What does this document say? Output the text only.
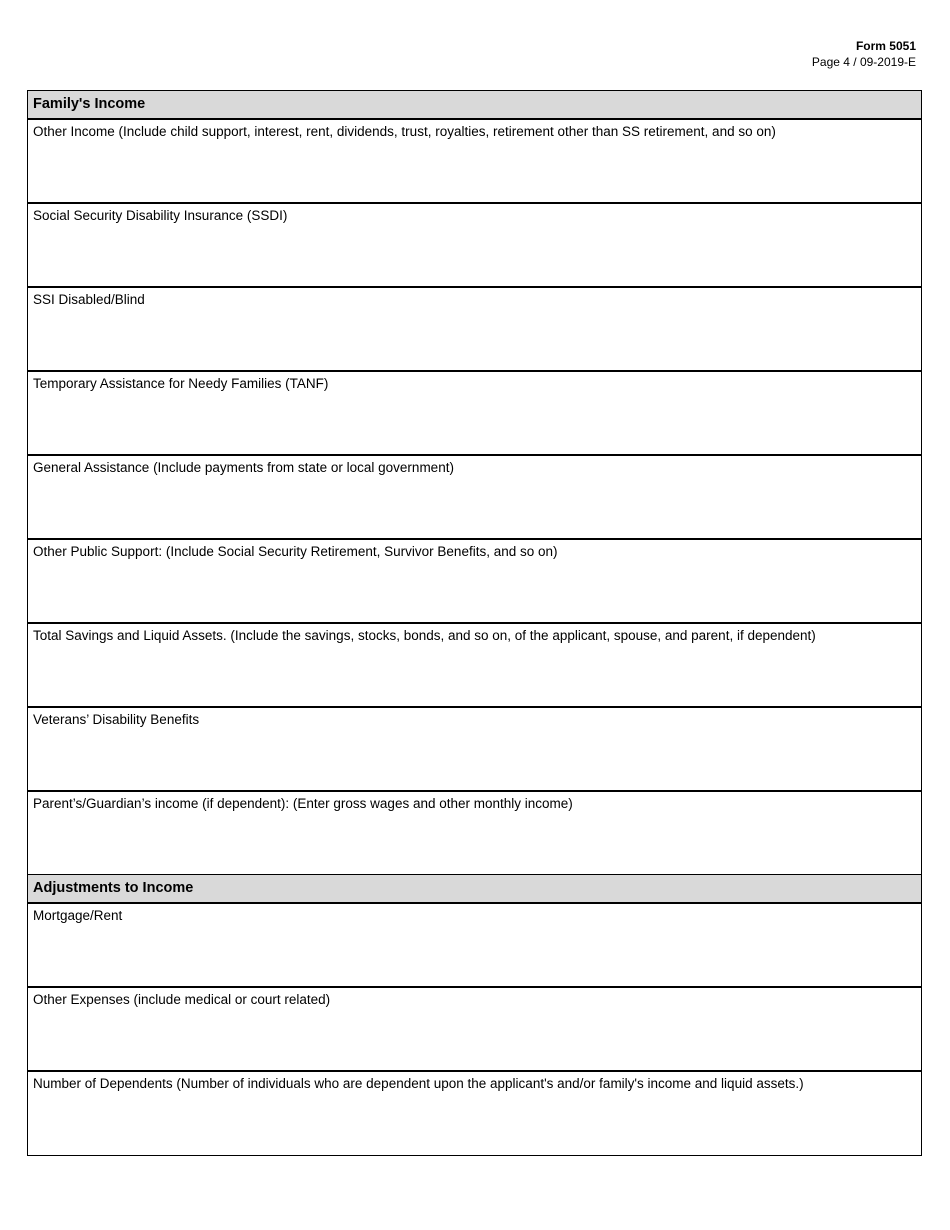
Form 5051
Page 4 / 09-2019-E
Family's Income
Other Income (Include child support, interest, rent, dividends, trust, royalties, retirement other than SS retirement, and so on)
Social Security Disability Insurance (SSDI)
SSI Disabled/Blind
Temporary Assistance for Needy Families (TANF)
General Assistance (Include payments from state or local government)
Other Public Support: (Include Social Security Retirement, Survivor Benefits, and so on)
Total Savings and Liquid Assets. (Include the savings, stocks, bonds, and so on, of the applicant, spouse, and parent, if dependent)
Veterans’ Disability Benefits
Parent’s/Guardian’s income (if dependent): (Enter gross wages and other monthly income)
Adjustments to Income
Mortgage/Rent
Other Expenses (include medical or court related)
Number of Dependents (Number of individuals who are dependent upon the applicant's and/or family's income and liquid assets.)
